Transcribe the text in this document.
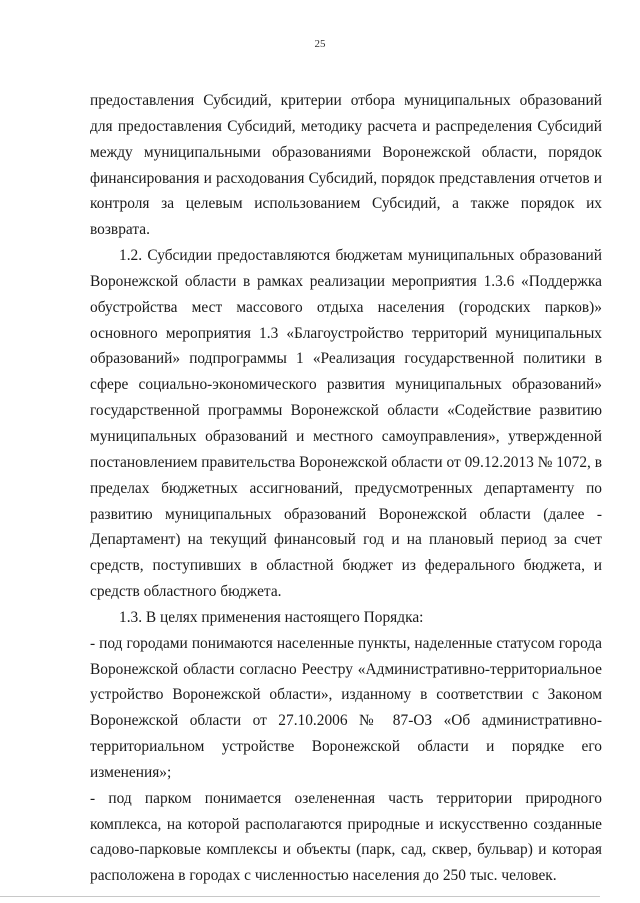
25

предоставления Субсидий, критерии отбора муниципальных образований для предоставления Субсидий, методику расчета и распределения Субсидий между муниципальными образованиями Воронежской области, порядок финансирования и расходования Субсидий, порядок представления отчетов и контроля за целевым использованием Субсидий, а также порядок их возврата.

1.2. Субсидии предоставляются бюджетам муниципальных образований Воронежской области в рамках реализации мероприятия 1.3.6 «Поддержка обустройства мест массового отдыха населения (городских парков)» основного мероприятия 1.3 «Благоустройство территорий муниципальных образований» подпрограммы 1 «Реализация государственной политики в сфере социально-экономического развития муниципальных образований» государственной программы Воронежской области «Содействие развитию муниципальных образований и местного самоуправления», утвержденной постановлением правительства Воронежской области от 09.12.2013 № 1072, в пределах бюджетных ассигнований, предусмотренных департаменту по развитию муниципальных образований Воронежской области (далее - Департамент) на текущий финансовый год и на плановый период за счет средств, поступивших в областной бюджет из федерального бюджета, и средств областного бюджета.

1.3. В целях применения настоящего Порядка:

- под городами понимаются населенные пункты, наделенные статусом города Воронежской области согласно Реестру «Административно-территориальное устройство Воронежской области», изданному в соответствии с Законом Воронежской области от 27.10.2006 № 87-ОЗ «Об административно-территориальном устройстве Воронежской области и порядке его изменения»;

- под парком понимается озелененная часть территории природного комплекса, на которой располагаются природные и искусственно созданные садово-парковые комплексы и объекты (парк, сад, сквер, бульвар) и которая расположена в городах с численностью населения до 250 тыс. человек.
